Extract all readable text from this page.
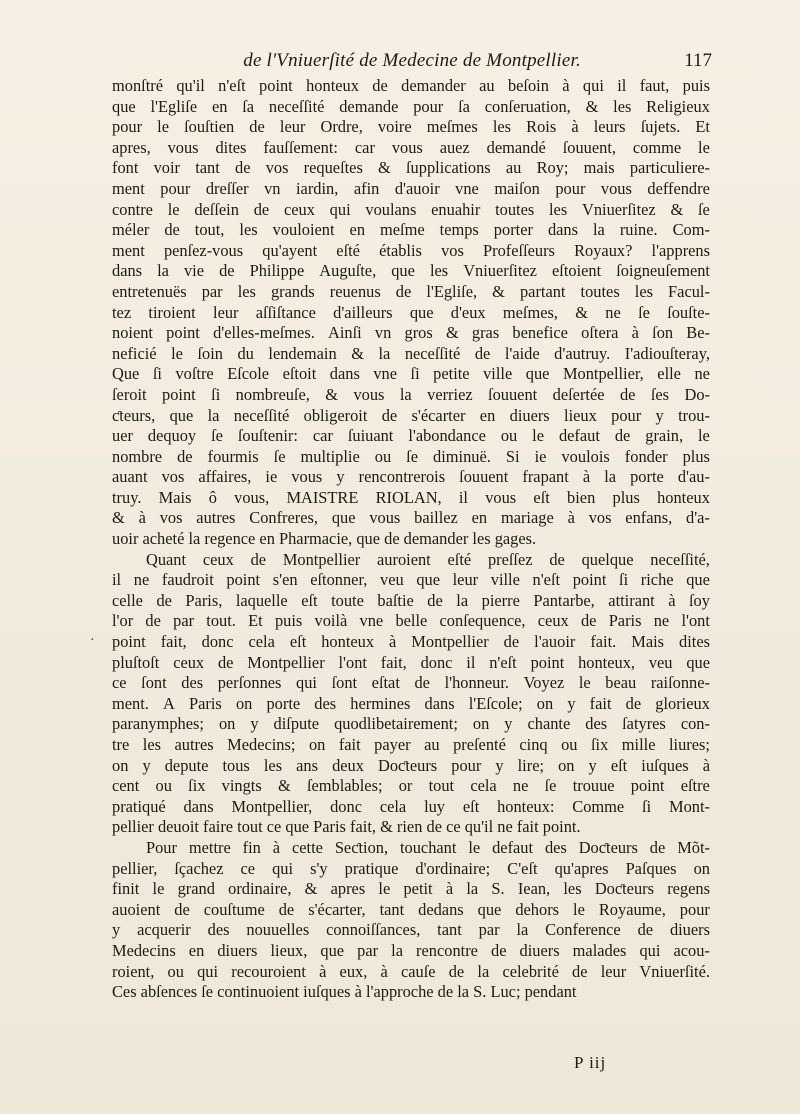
de l'Vniuerſité de Medecine de Montpellier.	117
·
monſtré qu'il n'eſt point honteux de demander au beſoin à qui il faut, puis
que l'Egliſe en ſa neceſſité demande pour ſa conſeruation, & les Religieux
pour le ſouſtien de leur Ordre, voire meſmes les Rois à leurs ſujets. Et
apres, vous dites fauſſement: car vous auez demandé ſouuent, comme le
font voir tant de vos requeſtes & ſupplications au Roy; mais particuliere-
ment pour dreſſer vn iardin, afin d'auoir vne maiſon pour vous deffendre
contre le deſſein de ceux qui voulans enuahir toutes les Vniuerſitez & ſe
méler de tout, les vouloient en meſme temps porter dans la ruine. Com-
ment penſez-vous qu'ayent eſté établis vos Profeſſeurs Royaux? l'apprens
dans la vie de Philippe Auguſte, que les Vniuerſitez eſtoient ſoigneuſement
entretenuës par les grands reuenus de l'Egliſe, & partant toutes les Facul-
tez tiroient leur aſſiſtance d'ailleurs que d'eux meſmes, & ne ſe ſouſte-
noient point d'elles-meſmes. Ainſi vn gros & gras benefice oſtera à ſon Be-
neficié le ſoin du lendemain & la neceſſité de l'aide d'autruy. I'adiouſteray,
Que ſi voſtre Eſcole eſtoit dans vne ſi petite ville que Montpellier, elle ne
ſeroit point ſi nombreuſe, & vous la verriez ſouuent deſertée de ſes Do-
ƈteurs, que la neceſſité obligeroit de s'écarter en diuers lieux pour y trou-
uer dequoy ſe ſouſtenir: car ſuiuant l'abondance ou le defaut de grain, le
nombre de fourmis ſe multiplie ou ſe diminuë. Si ie voulois fonder plus
auant vos affaires, ie vous y rencontrerois ſouuent frapant à la porte d'au-
truy. Mais ô vous, MAISTRE RIOLAN, il vous eſt bien plus honteux
& à vos autres Confreres, que vous baillez en mariage à vos enfans, d'a-
uoir acheté la regence en Pharmacie, que de demander les gages.
Quant ceux de Montpellier auroient eſté preſſez de quelque neceſſité,
il ne faudroit point s'en eſtonner, veu que leur ville n'eſt point ſi riche que
celle de Paris, laquelle eſt toute baſtie de la pierre Pantarbe, attirant à ſoy
l'or de par tout. Et puis voilà vne belle conſequence, ceux de Paris ne l'ont
point fait, donc cela eſt honteux à Montpellier de l'auoir fait. Mais dites
pluſtoſt ceux de Montpellier l'ont fait, donc il n'eſt point honteux, veu que
ce ſont des perſonnes qui ſont eſtat de l'honneur. Voyez le beau raiſonne-
ment. A Paris on porte des hermines dans l'Eſcole; on y fait de glorieux
paranymphes; on y diſpute quodlibetairement; on y chante des ſatyres con-
tre les autres Medecins; on fait payer au preſenté cinq ou ſix mille liures;
on y depute tous les ans deux Doƈteurs pour y lire; on y eſt iuſques à
cent ou ſix vingts & ſemblables; or tout cela ne ſe trouue point eſtre
pratiqué dans Montpellier, donc cela luy eſt honteux: Comme ſi Mont-
pellier deuoit faire tout ce que Paris fait, & rien de ce qu'il ne fait point.
Pour mettre fin à cette Seƈtion, touchant le defaut des Doƈteurs de Mõt-
pellier, ſçachez ce qui s'y pratique d'ordinaire; C'eſt qu'apres Paſques on
finit le grand ordinaire, & apres le petit à la S. Iean, les Doƈteurs regens
auoient de couſtume de s'écarter, tant dedans que dehors le Royaume, pour
y acquerir des nouuelles connoiſſances, tant par la Conference de diuers
Medecins en diuers lieux, que par la rencontre de diuers malades qui acou-
roient, ou qui recouroient à eux, à cauſe de la celebrité de leur Vniuerſité.
Ces abſences ſe continuoient iuſques à l'approche de la S. Luc; pendant
P iij
